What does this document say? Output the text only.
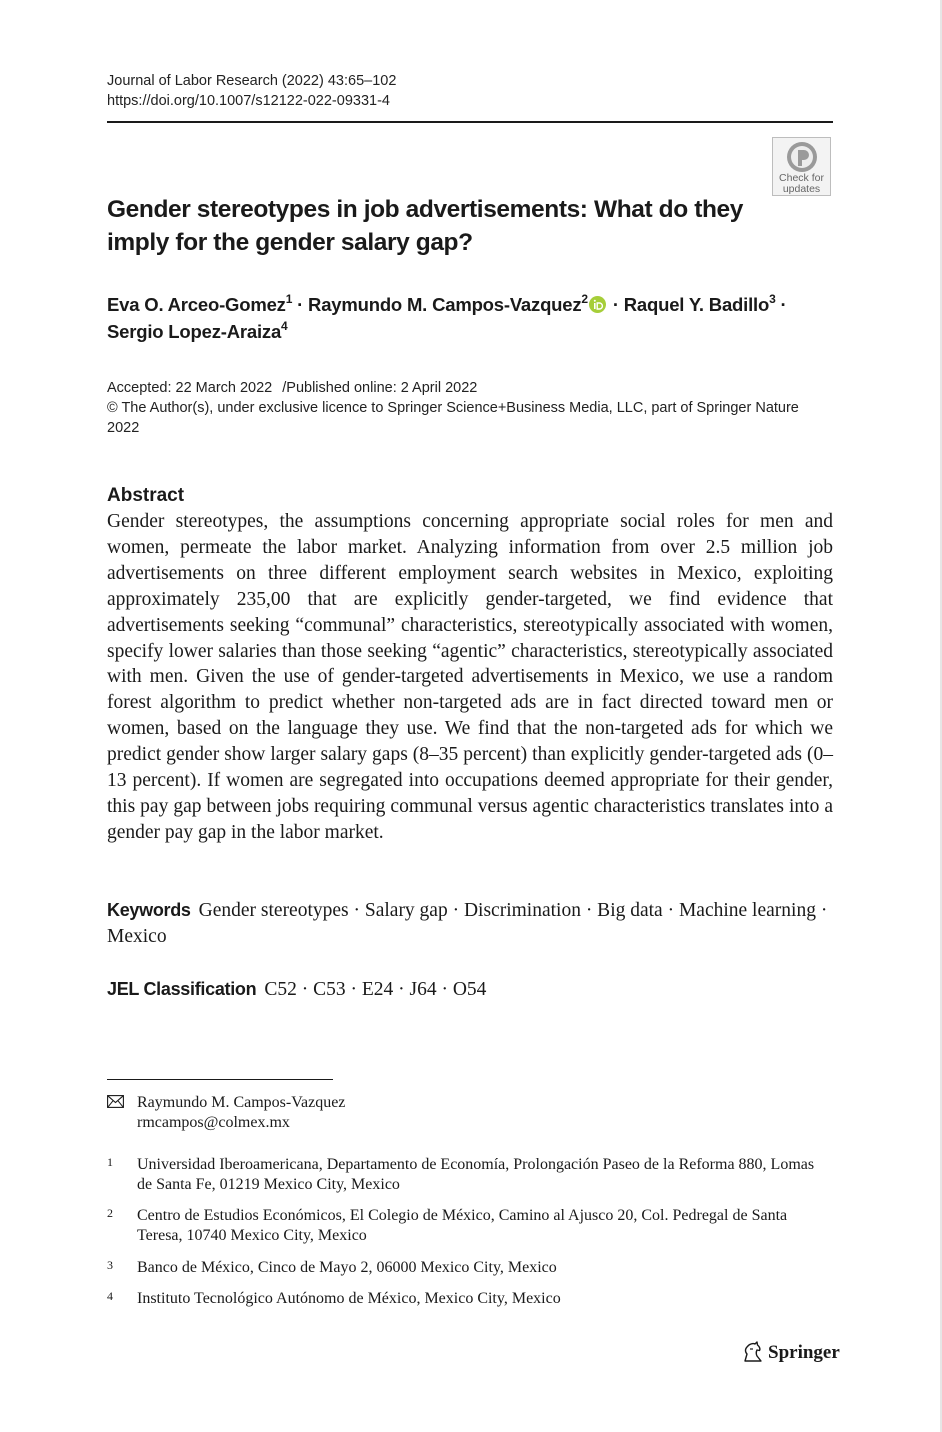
Journal of Labor Research (2022) 43:65–102
https://doi.org/10.1007/s12122-022-09331-4
Check for
updates
Gender stereotypes in job advertisements: What do they imply for the gender salary gap?
Eva O. Arceo-Gomez$^1$ · Raymundo M. Campos-Vazquez$^2$ · Raquel Y. Badillo$^3$ ·
Sergio Lopez-Araiza$^4$
Accepted: 22 March 2022 /Published online: 2 April 2022
© The Author(s), under exclusive licence to Springer Science+Business Media, LLC, part of Springer Nature 2022
Abstract
Gender stereotypes, the assumptions concerning appropriate social roles for men and women, permeate the labor market. Analyzing information from over 2.5 million job advertisements on three different employment search websites in Mexico, exploiting approximately 235,00 that are explicitly gender-targeted, we find evidence that advertisements seeking “communal” characteristics, stereotypically associated with women, specify lower salaries than those seeking “agentic” characteristics, stereotypically associated with men. Given the use of gender-targeted advertisements in Mexico, we use a random forest algorithm to predict whether non-targeted ads are in fact directed toward men or women, based on the language they use. We find that the non-targeted ads for which we predict gender show larger salary gaps (8–35 percent) than explicitly gender-targeted ads (0–13 percent). If women are segregated into occupations deemed appropriate for their gender, this pay gap between jobs requiring communal versus agentic characteristics translates into a gender pay gap in the labor market.
Keywords Gender stereotypes · Salary gap · Discrimination · Big data · Machine learning · Mexico
JEL Classification C52 · C53 · E24 · J64 · O54
Raymundo M. Campos-Vazquez
rmcampos@colmex.mx
1 Universidad Iberoamericana, Departamento de Economía, Prolongación Paseo de la Reforma 880, Lomas de Santa Fe, 01219 Mexico City, Mexico
2 Centro de Estudios Económicos, El Colegio de México, Camino al Ajusco 20, Col. Pedregal de Santa Teresa, 10740 Mexico City, Mexico
3 Banco de México, Cinco de Mayo 2, 06000 Mexico City, Mexico
4 Instituto Tecnológico Autónomo de México, Mexico City, Mexico
Springer
